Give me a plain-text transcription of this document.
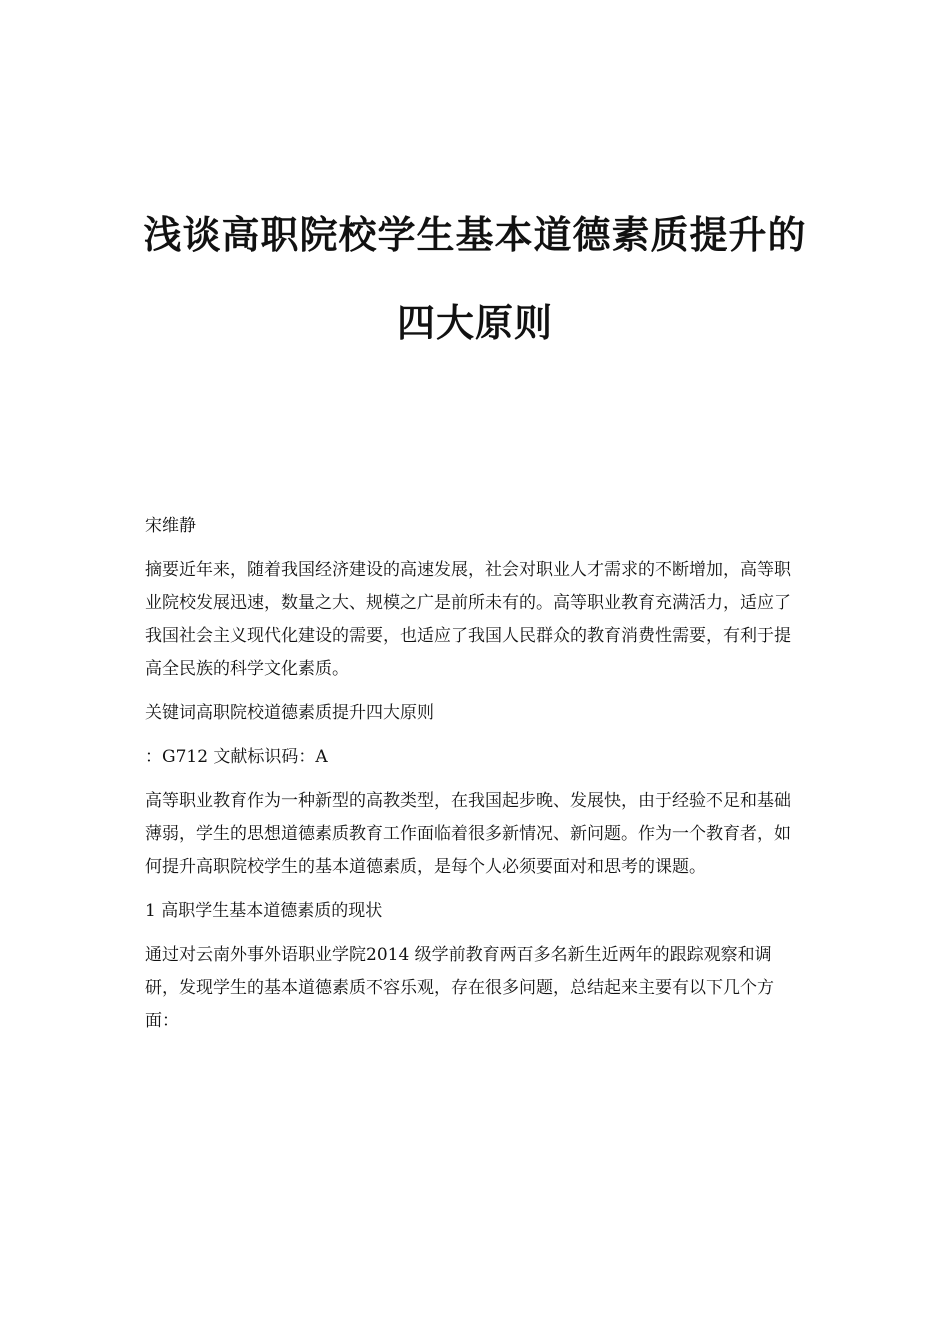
浅谈高职院校学生基本道德素质提升的
四大原则

宋维静

摘要近年来，随着我国经济建设的高速发展，社会对职业人才需求的不断增加，高等职业院校发展迅速，数量之大、规模之广是前所未有的。高等职业教育充满活力，适应了我国社会主义现代化建设的需要，也适应了我国人民群众的教育消费性需要，有利于提高全民族的科学文化素质。

关键词高职院校道德素质提升四大原则

：G712 文献标识码：A

高等职业教育作为一种新型的高教类型，在我国起步晚、发展快，由于经验不足和基础薄弱，学生的思想道德素质教育工作面临着很多新情况、新问题。作为一个教育者，如何提升高职院校学生的基本道德素质，是每个人必须要面对和思考的课题。

1 高职学生基本道德素质的现状

通过对云南外事外语职业学院2014 级学前教育两百多名新生近两年的跟踪观察和调研，发现学生的基本道德素质不容乐观，存在很多问题，总结起来主要有以下几个方面：
